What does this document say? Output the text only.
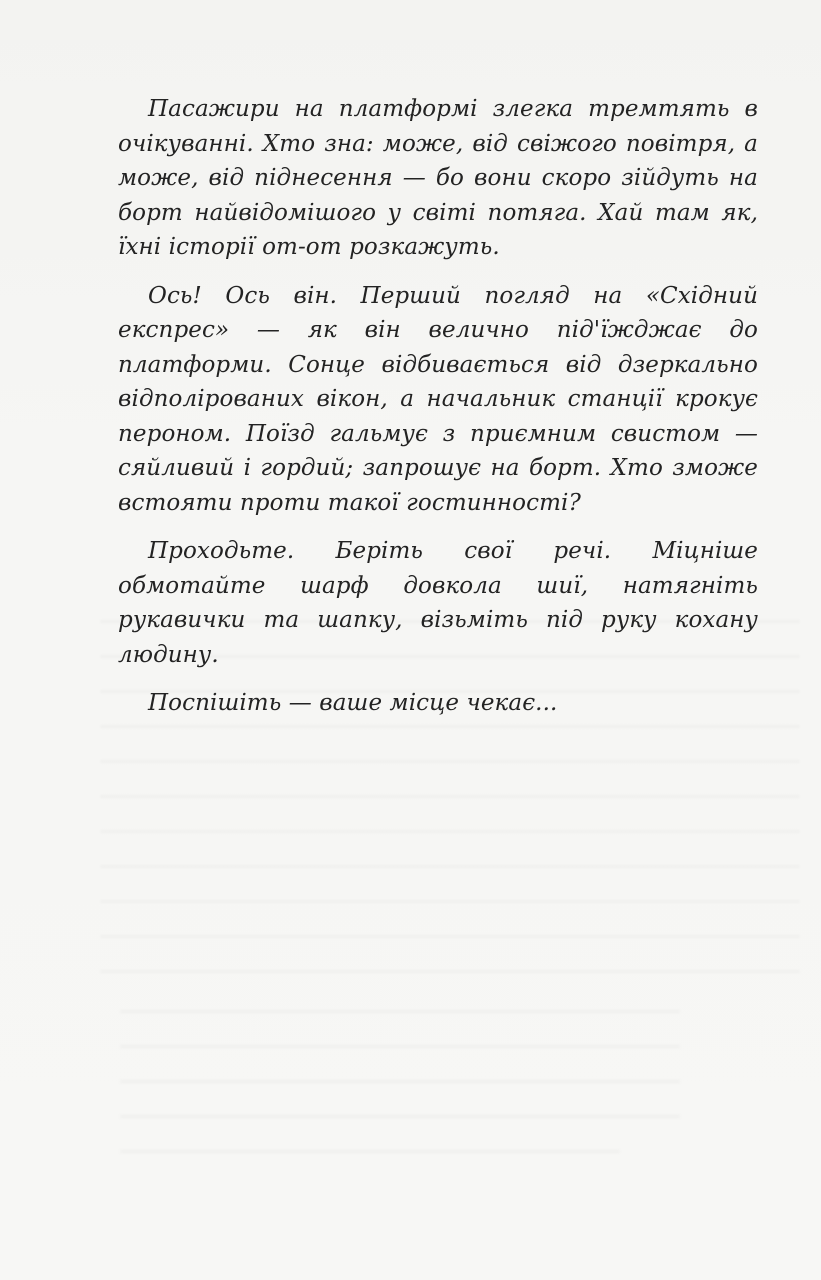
Пасажири на платформі злегка тремтять в очікуванні. Хто зна: може, від свіжого повітря, а може, від піднесення — бо вони скоро зійдуть на борт найвідомішого у світі потяга. Хай там як, їхні історії от-от розкажуть.

Ось! Ось він. Перший погляд на «Східний експрес» — як він велично під'їжджає до платформи. Сонце відбивається від дзеркально відполірованих вікон, а начальник станції крокує пероном. Поїзд гальмує з приємним свистом — сяйливий і гордий; запрошує на борт. Хто зможе встояти проти такої гостинності?

Проходьте. Беріть свої речі. Міцніше обмотайте шарф довкола шиї, натягніть рукавички та шапку, візьміть під руку кохану людину.

Поспішіть — ваше місце чекає...
